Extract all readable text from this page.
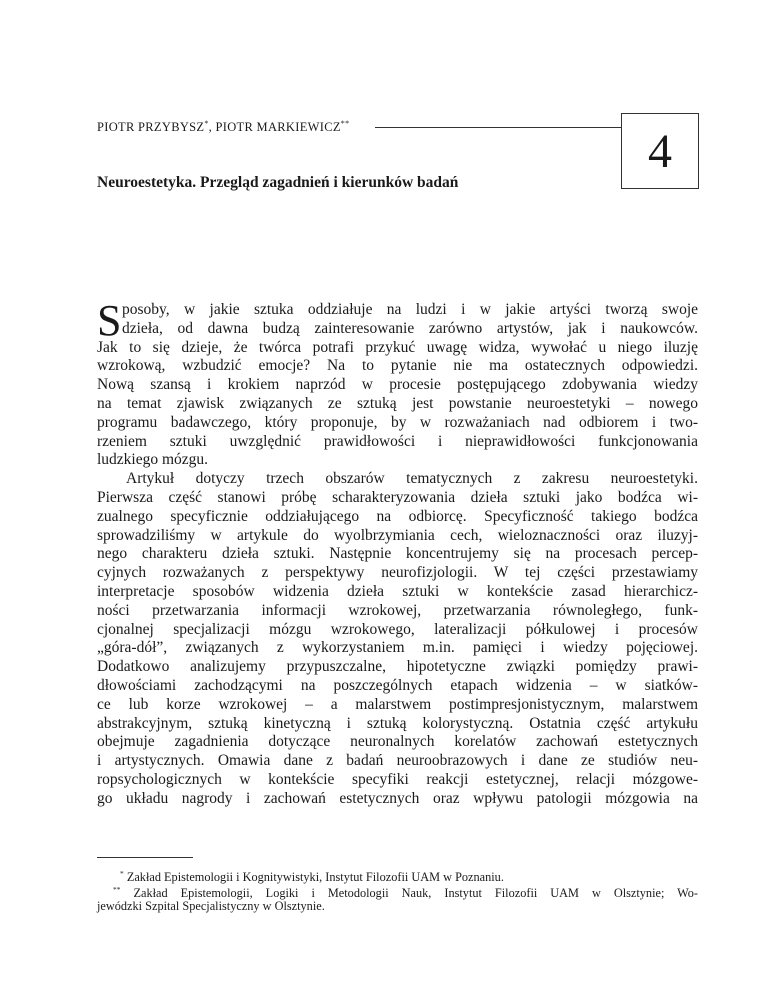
PIOTR PRZYBYSZ*, PIOTR MARKIEWICZ**
4
Neuroestetyka. Przegląd zagadnień i kierunków badań
S posoby, w jakie sztuka oddziałuje na ludzi i w jakie artyści tworzą swoje
dzieła, od dawna budzą zainteresowanie zarówno artystów, jak i naukowców.
Jak to się dzieje, że twórca potrafi przykuć uwagę widza, wywołać u niego iluzję
wzrokową, wzbudzić emocje? Na to pytanie nie ma ostatecznych odpowiedzi.
Nową szansą i krokiem naprzód w procesie postępującego zdobywania wiedzy
na temat zjawisk związanych ze sztuką jest powstanie neuroestetyki – nowego
programu badawczego, który proponuje, by w rozważaniach nad odbiorem i two-
rzeniem sztuki uwzględnić prawidłowości i nieprawidłowości funkcjonowania
ludzkiego mózgu.
Artykuł dotyczy trzech obszarów tematycznych z zakresu neuroestetyki.
Pierwsza część stanowi próbę scharakteryzowania dzieła sztuki jako bodźca wi-
zualnego specyficznie oddziałującego na odbiorcę. Specyficzność takiego bodźca
sprowadziliśmy w artykule do wyolbrzymiania cech, wieloznaczności oraz iluzyj-
nego charakteru dzieła sztuki. Następnie koncentrujemy się na procesach percep-
cyjnych rozważanych z perspektywy neurofizjologii. W tej części przestawiamy
interpretacje sposobów widzenia dzieła sztuki w kontekście zasad hierarchicz-
ności przetwarzania informacji wzrokowej, przetwarzania równoległego, funk-
cjonalnej specjalizacji mózgu wzrokowego, lateralizacji półkulowej i procesów
„góra-dół”, związanych z wykorzystaniem m.in. pamięci i wiedzy pojęciowej.
Dodatkowo analizujemy przypuszczalne, hipotetyczne związki pomiędzy prawi-
dłowościami zachodzącymi na poszczególnych etapach widzenia – w siatków-
ce lub korze wzrokowej – a malarstwem postimpresjonistycznym, malarstwem
abstrakcyjnym, sztuką kinetyczną i sztuką kolorystyczną. Ostatnia część artykułu
obejmuje zagadnienia dotyczące neuronalnych korelatów zachowań estetycznych
i artystycznych. Omawia dane z badań neuroobrazowych i dane ze studiów neu-
ropsychologicznych w kontekście specyfiki reakcji estetycznej, relacji mózgowe-
go układu nagrody i zachowań estetycznych oraz wpływu patologii mózgowia na
* Zakład Epistemologii i Kognitywistyki, Instytut Filozofii UAM w Poznaniu.
** Zakład Epistemologii, Logiki i Metodologii Nauk, Instytut Filozofii UAM w Olsztynie; Wo-
jewódzki Szpital Specjalistyczny w Olsztynie.
